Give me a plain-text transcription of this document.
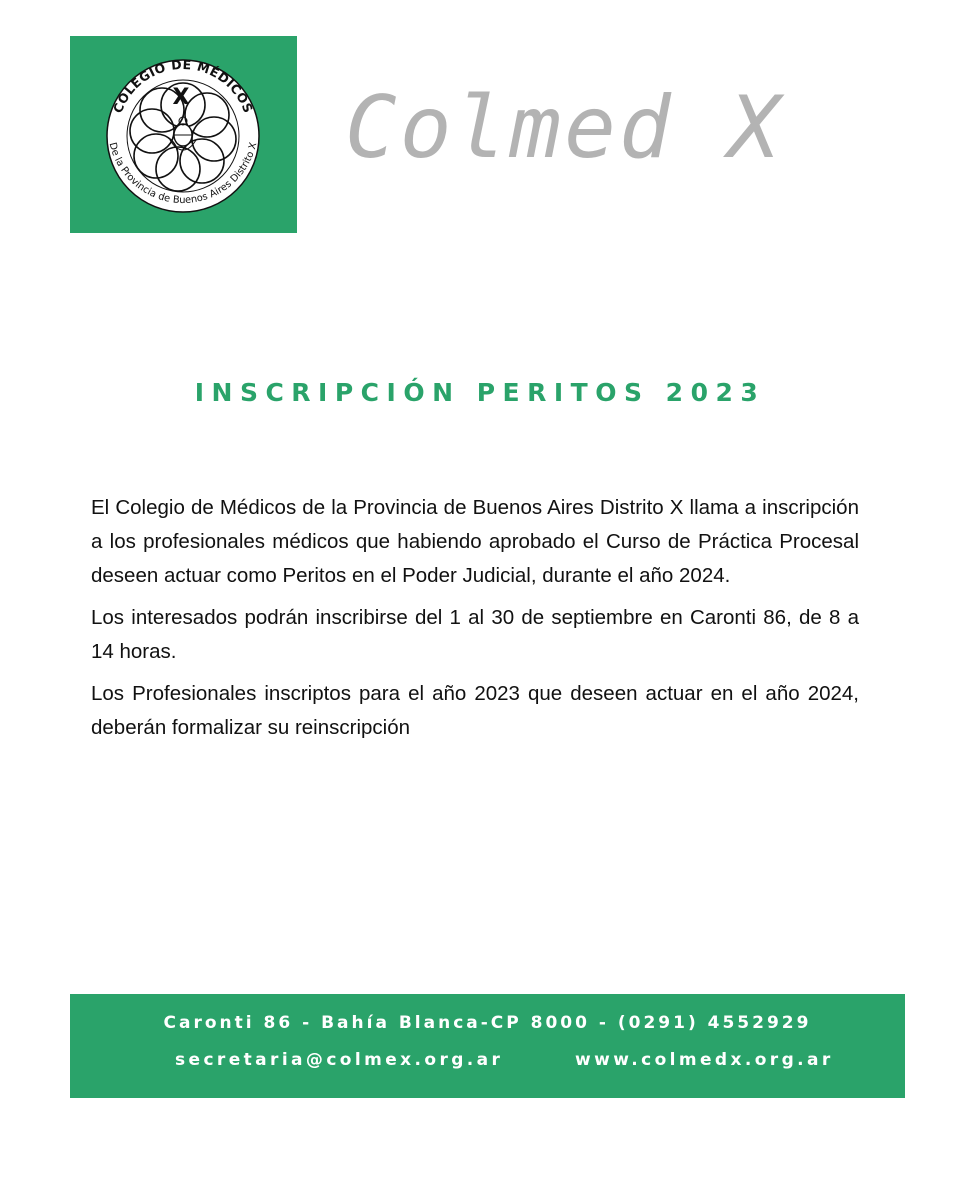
X
COLEGIO DE MÉDICOS
De la Provincia de Buenos Aires Distrito X Colmed X
INSCRIPCIÓN PERITOS 2023

El Colegio de Médicos de la Provincia de Buenos Aires Distrito X llama a inscripción a los profesionales médicos que habiendo aprobado el Curso de Práctica Procesal deseen actuar como Peritos en el Poder Judicial, durante el año 2024.

Los interesados podrán inscribirse del 1 al 30 de septiembre en Caronti 86, de 8 a 14 horas.

Los Profesionales inscriptos para el año 2023 que deseen actuar en el año 2024, deberán formalizar su reinscripción

Caronti 86 - Bahía Blanca-CP 8000 - (0291) 4552929
secretaria@colmex.org.ar	www.colmedx.org.ar
